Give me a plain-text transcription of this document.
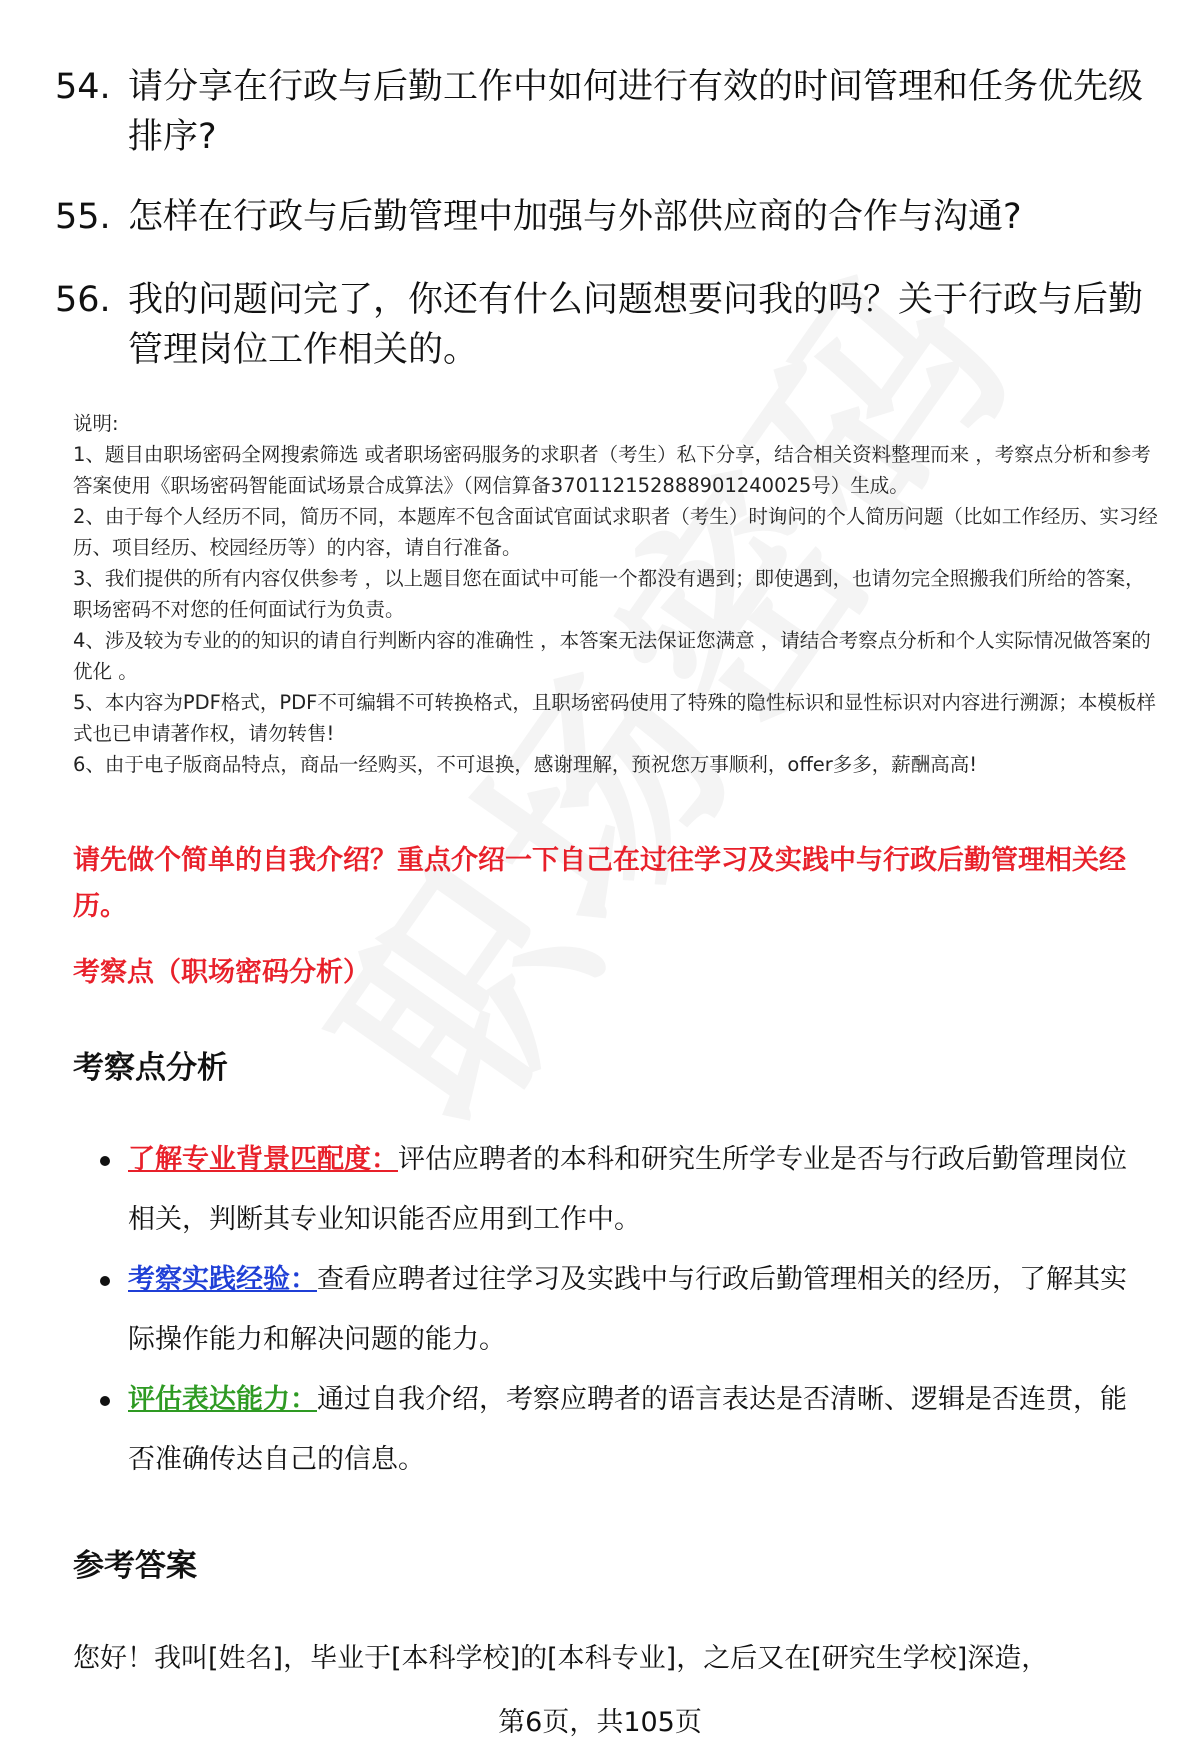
54. 请分享在行政与后勤工作中如何进行有效的时间管理和任务优先级排序?
55. 怎样在行政与后勤管理中加强与外部供应商的合作与沟通?
56. 我的问题问完了，你还有什么问题想要问我的吗？关于行政与后勤管理岗位工作相关的。
说明:
1、题目由职场密码全网搜索筛选 或者职场密码服务的求职者（考生）私下分享，结合相关资料整理而来 ，考察点分析和参考答案使用《职场密码智能面试场景合成算法》（网信算备370112152888901240025号）生成。
2、由于每个人经历不同，简历不同，本题库不包含面试官面试求职者（考生）时询问的个人简历问题（比如工作经历、实习经历、项目经历、校园经历等）的内容，请自行准备。
3、我们提供的所有内容仅供参考 ，以上题目您在面试中可能一个都没有遇到；即使遇到，也请勿完全照搬我们所给的答案，职场密码不对您的任何面试行为负责。
4、涉及较为专业的的知识的请自行判断内容的准确性 ，本答案无法保证您满意 ，请结合考察点分析和个人实际情况做答案的优化 。
5、本内容为PDF格式，PDF不可编辑不可转换格式，且职场密码使用了特殊的隐性标识和显性标识对内容进行溯源；本模板样式也已申请著作权，请勿转售!
6、由于电子版商品特点，商品一经购买，不可退换，感谢理解，预祝您万事顺利，offer多多，薪酬高高!
请先做个简单的自我介绍？重点介绍一下自己在过往学习及实践中与行政后勤管理相关经历。
考察点（职场密码分析）
考察点分析
了解专业背景匹配度：评估应聘者的本科和研究生所学专业是否与行政后勤管理岗位相关，判断其专业知识能否应用到工作中。
考察实践经验：查看应聘者过往学习及实践中与行政后勤管理相关的经历，了解其实际操作能力和解决问题的能力。
评估表达能力：通过自我介绍，考察应聘者的语言表达是否清晰、逻辑是否连贯，能否准确传达自己的信息。
参考答案
您好！我叫[姓名]，毕业于[本科学校]的[本科专业]，之后又在[研究生学校]深造，
第6页，共105页
